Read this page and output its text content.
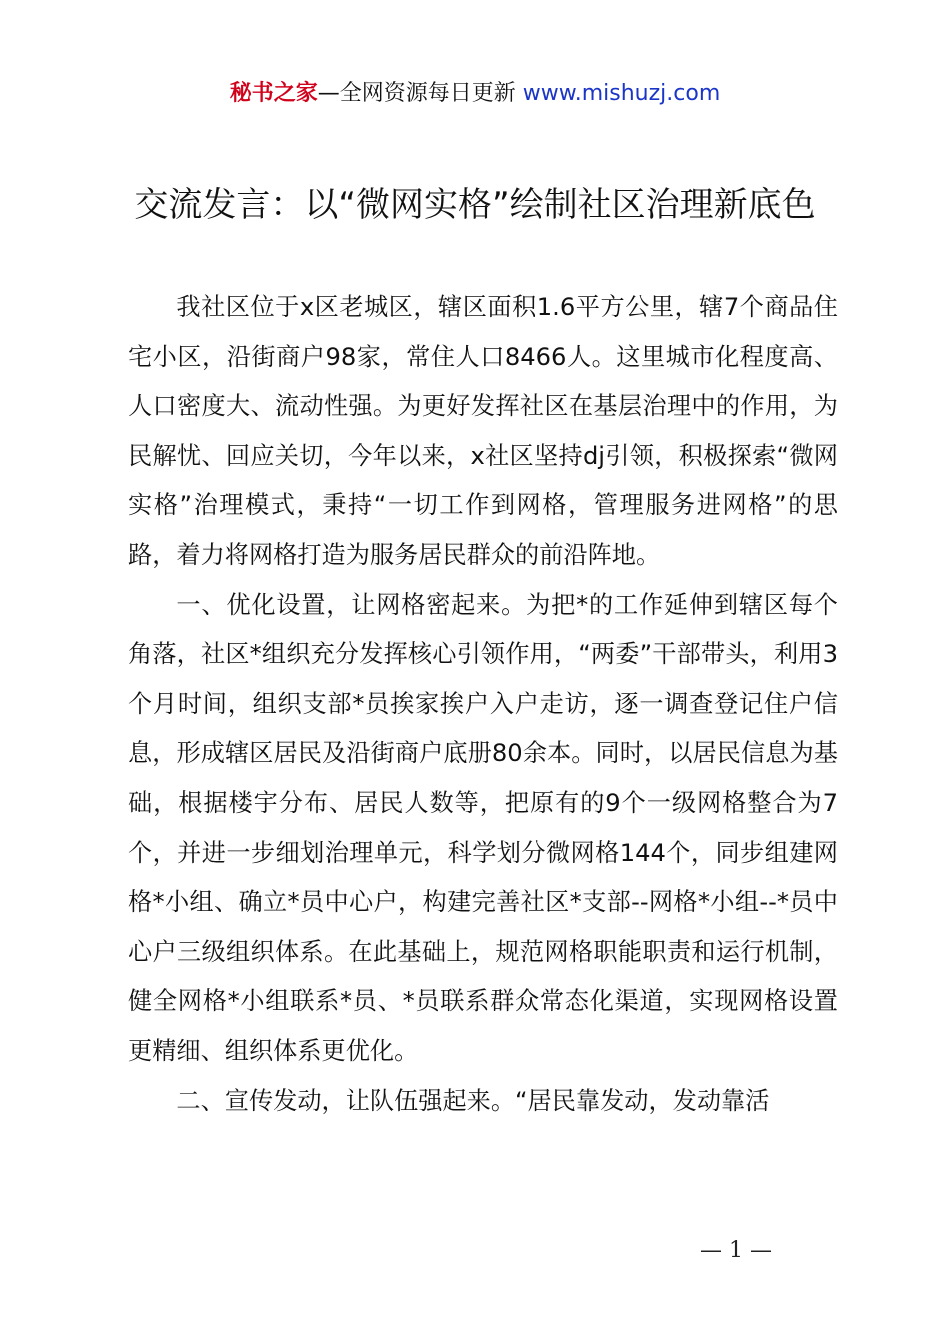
秘书之家—全网资源每日更新 www.mishuzj.com
交流发言：以“微网实格”绘制社区治理新底色

我社区位于x区老城区，辖区面积1.6平方公里，辖7个商品住宅小区，沿街商户98家，常住人口8466人。这里城市化程度高、人口密度大、流动性强。为更好发挥社区在基层治理中的作用，为民解忧、回应关切，今年以来，x社区坚持dj引领，积极探索“微网实格”治理模式，秉持“一切工作到网格，管理服务进网格”的思路，着力将网格打造为服务居民群众的前沿阵地。

一、优化设置，让网格密起来。为把*的工作延伸到辖区每个角落，社区*组织充分发挥核心引领作用，“两委”干部带头，利用3个月时间，组织支部*员挨家挨户入户走访，逐一调查登记住户信息，形成辖区居民及沿街商户底册80余本。同时，以居民信息为基础，根据楼宇分布、居民人数等，把原有的9个一级网格整合为7个，并进一步细划治理单元，科学划分微网格144个，同步组建网格*小组、确立*员中心户，构建完善社区*支部--网格*小组--*员中心户三级组织体系。在此基础上，规范网格职能职责和运行机制，健全网格*小组联系*员、*员联系群众常态化渠道，实现网格设置更精细、组织体系更优化。

二、宣传发动，让队伍强起来。“居民靠发动，发动靠活

— 1 —
